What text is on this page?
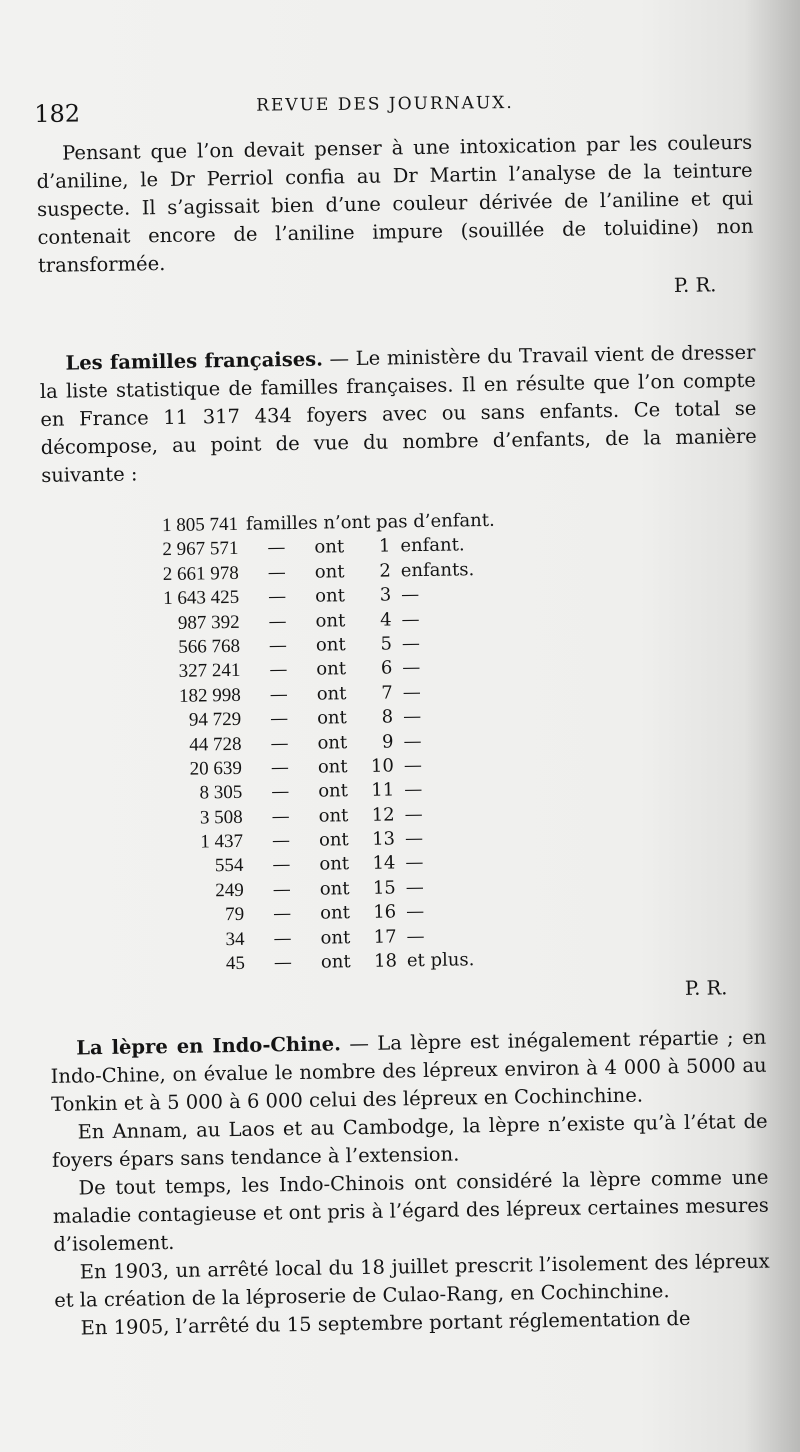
182	REVUE DES JOURNAUX.

Pensant que l’on devait penser à une intoxication par les couleurs d’aniline, le Dr Perriol confia au Dr Martin l’analyse de la teinture suspecte. Il s’agissait bien d’une couleur dérivée de l’aniline et qui contenait encore de l’aniline impure (souillée de toluidine) non transformée.

P. R.

Les familles françaises. — Le ministère du Travail vient de dresser la liste statistique de familles françaises. Il en résulte que l’on compte en France 11 317 434 foyers avec ou sans enfants. Ce total se décompose, au point de vue du nombre d’enfants, de la manière suivante :

1 805 741 familles n’ont pas d’enfant.
2 967 571	—	ont	1 enfant.
2 661 978	—	ont	2 enfants.
1 643 425	—	ont	3 —
987 392	—	ont	4 —
566 768	—	ont	5 —
327 241	—	ont	6 —
182 998	—	ont	7 —
94 729	—	ont	8 —
44 728	—	ont	9 —
20 639	—	ont	10 —
8 305	—	ont	11 —
3 508	—	ont	12 —
1 437	—	ont	13 —
554	—	ont	14 —
249	—	ont	15 —
79	—	ont	16 —
34	—	ont	17 —
45	—	ont	18 et plus.
P. R.

La lèpre en Indo-Chine. — La lèpre est inégalement répartie ; en Indo-Chine, on évalue le nombre des lépreux environ à 4 000 à 5000 au Tonkin et à 5 000 à 6 000 celui des lépreux en Cochinchine.

En Annam, au Laos et au Cambodge, la lèpre n’existe qu’à l’état de foyers épars sans tendance à l’extension.

De tout temps, les Indo-Chinois ont considéré la lèpre comme une maladie contagieuse et ont pris à l’égard des lépreux certaines mesures d’isolement.

En 1903, un arrêté local du 18 juillet prescrit l’isolement des lépreux et la création de la léproserie de Culao-Rang, en Cochinchine.

En 1905, l’arrêté du 15 septembre portant réglementation de
